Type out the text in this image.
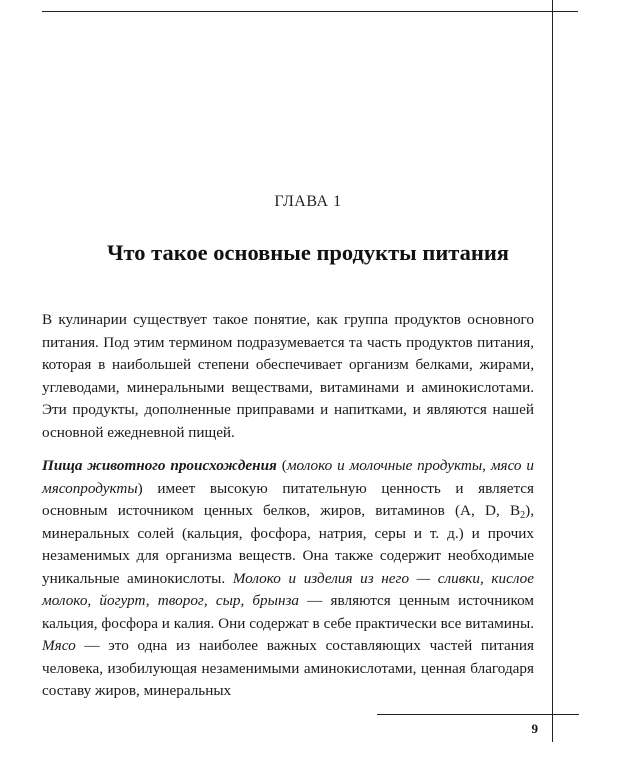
ГЛАВА 1
Что такое основные продукты питания
В кулинарии существует такое понятие, как группа продуктов основного питания. Под этим термином подразумевается та часть продуктов питания, которая в наибольшей степени обеспечивает организм белками, жирами, углеводами, минеральными веществами, витаминами и аминокислотами. Эти продукты, дополненные приправами и напитками, и являются нашей основной ежедневной пищей.
Пища животного происхождения (молоко и молочные продукты, мясо и мясопродукты) имеет высокую питательную ценность и является основным источником ценных белков, жиров, витаминов (A, D, $B_2$), минеральных солей (кальция, фосфора, натрия, серы и т. д.) и прочих незаменимых для организма веществ. Она также содержит необходимые уникальные аминокислоты. Молоко и изделия из него — сливки, кислое молоко, йогурт, творог, сыр, брынза — являются ценным источником кальция, фосфора и калия. Они содержат в себе практически все витамины. Мясо — это одна из наиболее важных составляющих частей питания человека, изобилующая незаменимыми аминокислотами, ценная благодаря составу жиров, минеральных
9
